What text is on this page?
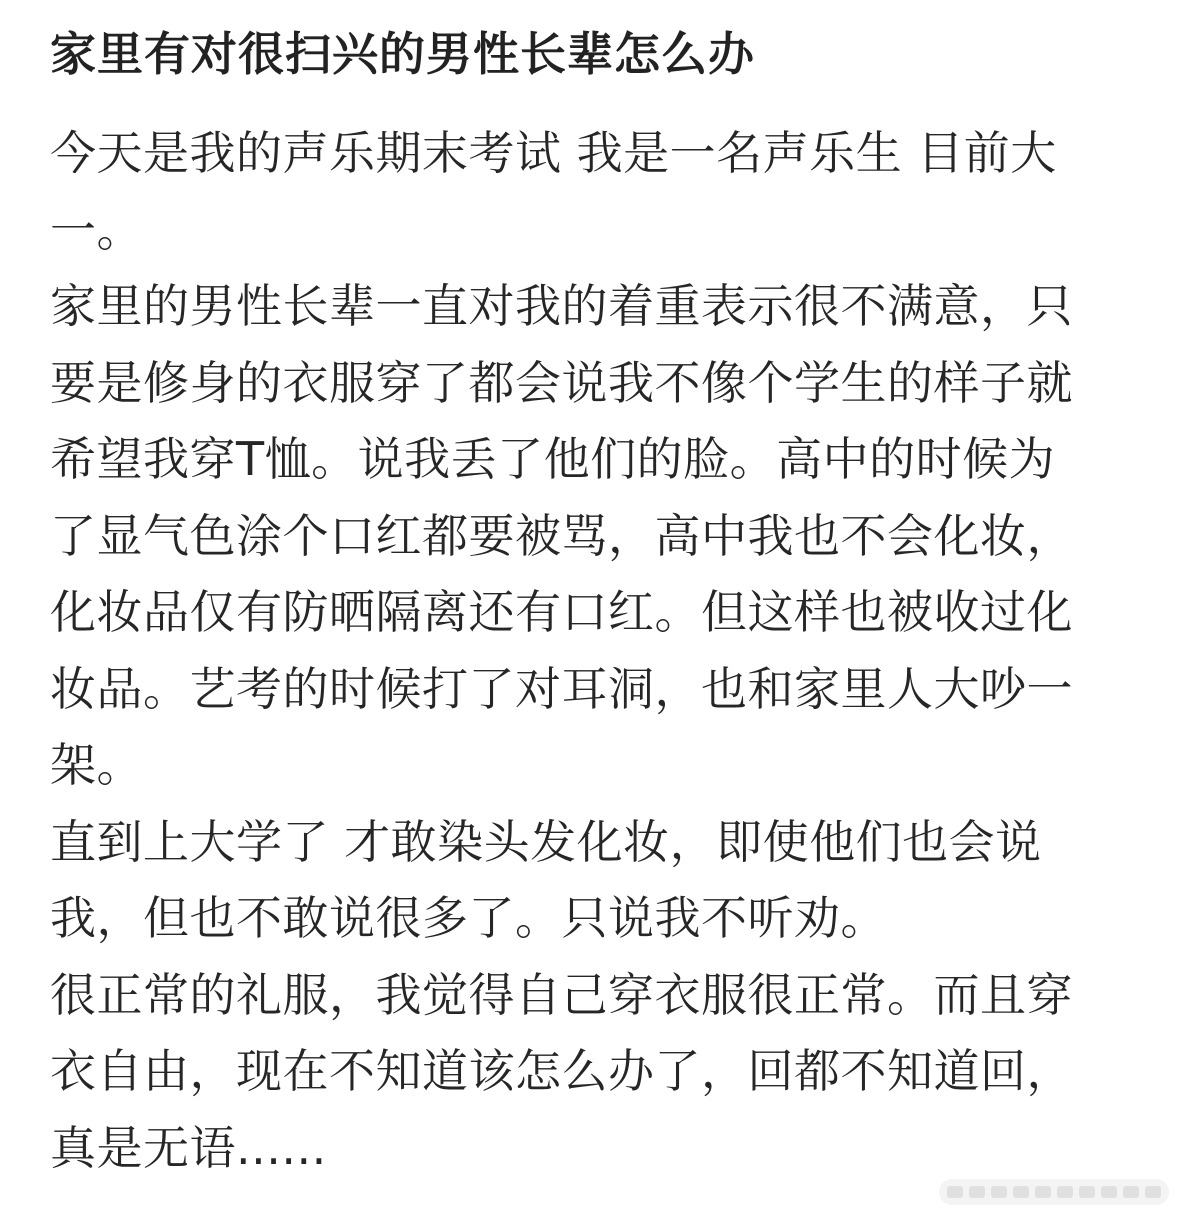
家里有对很扫兴的男性长辈怎么办

今天是我的声乐期末考试 我是一名声乐生 目前大
一。

家里的男性长辈一直对我的着重表示很不满意，只
要是修身的衣服穿了都会说我不像个学生的样子就
希望我穿T恤。说我丢了他们的脸。高中的时候为
了显气色涂个口红都要被骂，高中我也不会化妆，
化妆品仅有防晒隔离还有口红。但这样也被收过化
妆品。艺考的时候打了对耳洞，也和家里人大吵一
架。

直到上大学了 才敢染头发化妆，即使他们也会说
我，但也不敢说很多了。只说我不听劝。

很正常的礼服，我觉得自己穿衣服很正常。而且穿
衣自由，现在不知道该怎么办了，回都不知道回，
真是无语......
